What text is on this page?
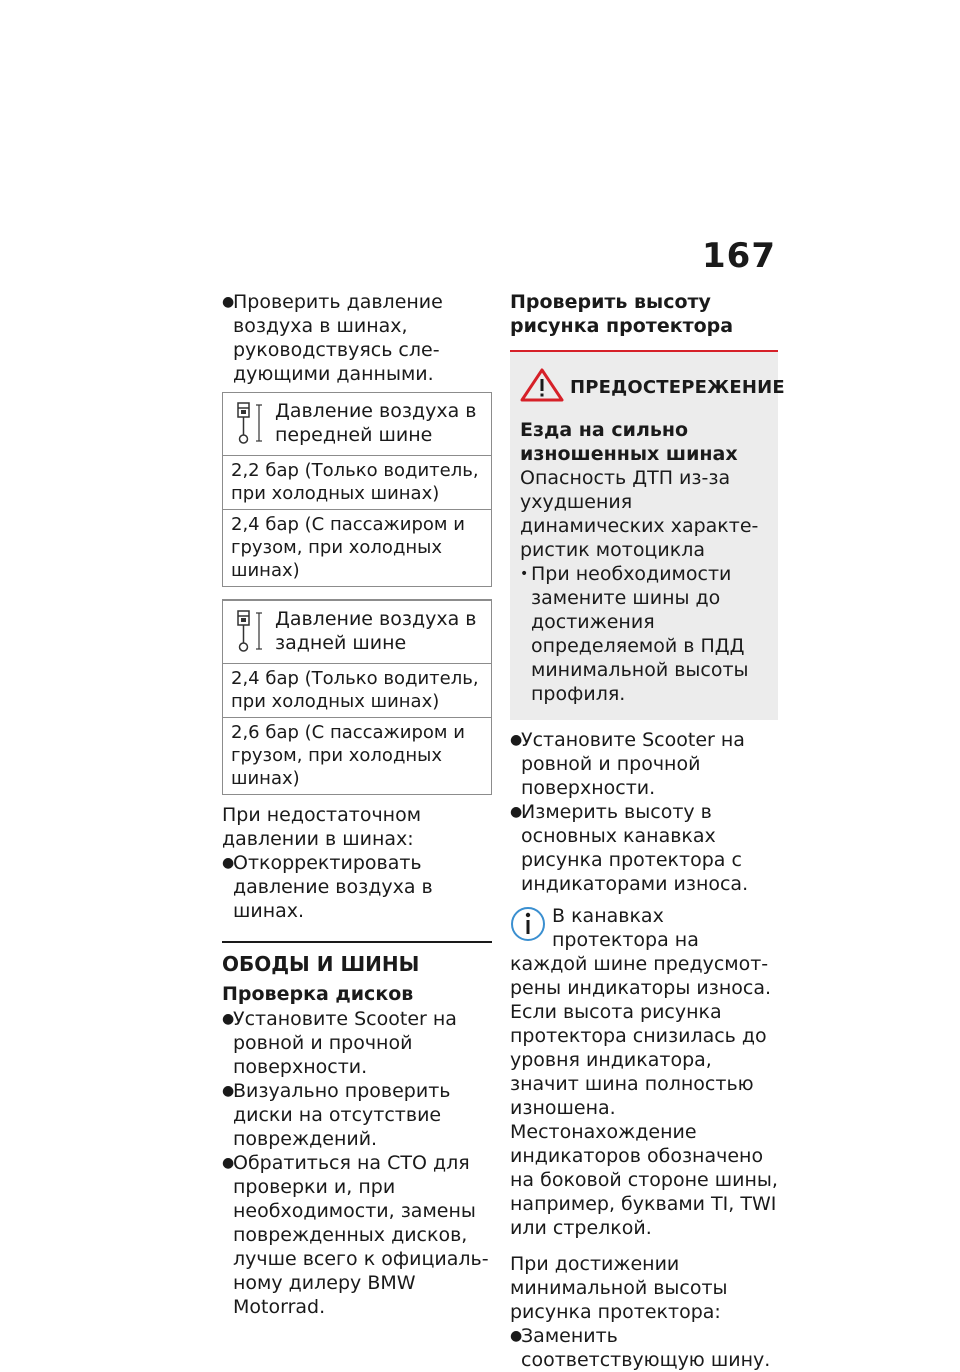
167
●
Проверить давление воздуха в шинах, руководствуясь следующими данными.
Давление воздуха в передней шине
2,2 бар (Только водитель, при холодных шинах)
2,4 бар (С пассажиром и грузом, при холодных шинах)
Давление воздуха в задней шине
2,4 бар (Только водитель, при холодных шинах)
2,6 бар (С пассажиром и грузом, при холодных шинах)

При недостаточном давлении в шинах:

●
Откорректировать давление воздуха в шинах.
ОБОДЫ И ШИНЫ
Проверка дисков
●
Установите Scooter на ровной и прочной поверхности.
●
Визуально проверить диски на отсутствие повреждений.
●
Обратиться на СТО для проверки и, при необходимости, замены поврежденных дисков, лучше всего к официальному дилеру BMW Motorrad.
Проверить высоту рисунка протектора
ПРЕДОСТЕРЕЖЕНИЕ
Езда на сильно изношенных шинах

Опасность ДТП из-за ухудшения динамических характеристик мотоцикла

• При необходимости замените шины до достижения определяемой в ПДД минимальной высоты профиля.
●
Установите Scooter на ровной и прочной поверхности.
●
Измерить высоту в основных канавках рисунка протектора с индикаторами износа.
В канавках протектора на каждой шине предусмотрены индикаторы износа. Если высота рисунка протектора снизилась до уровня индикатора, значит шина полностью изношена. Местонахождение индикаторов обозначено на боковой стороне шины, например, буквами TI, TWI или стрелкой.

При достижении минимальной высоты рисунка протектора:

●
Заменить соответствующую шину.
